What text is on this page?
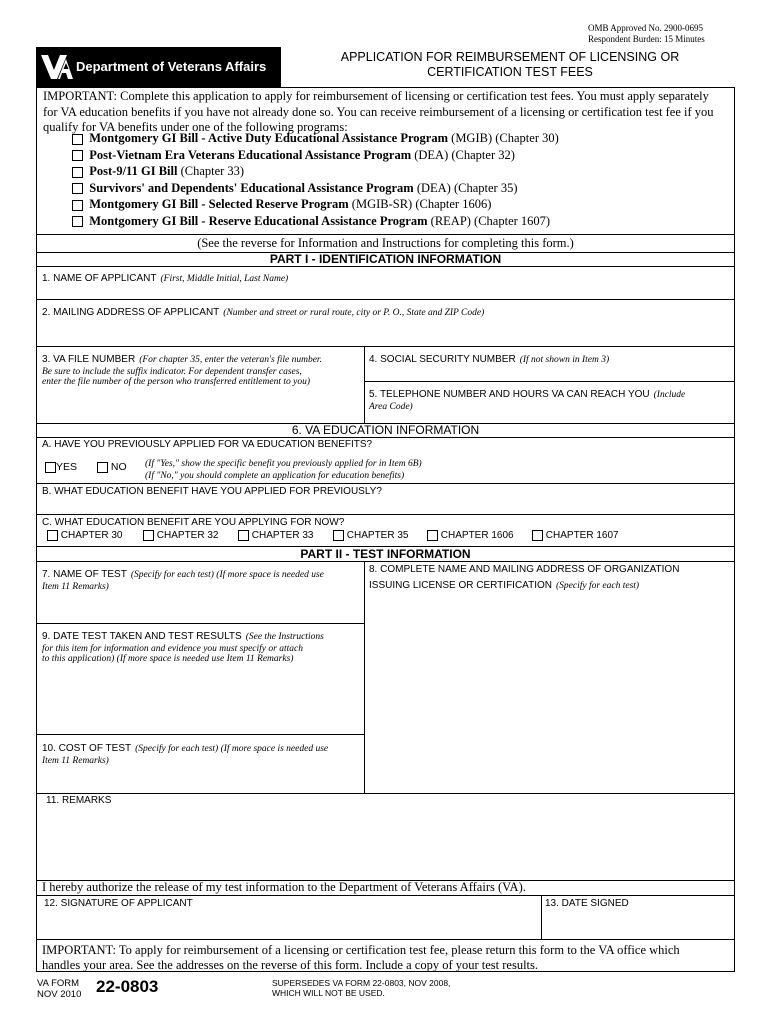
OMB Approved No. 2900-0695
Respondent Burden: 15 Minutes
Department of Veterans Affairs
APPLICATION FOR REIMBURSEMENT OF LICENSING OR
CERTIFICATION TEST FEES
IMPORTANT: Complete this application to apply for reimbursement of licensing or certification test fees. You must apply separately
for VA education benefits if you have not already done so. You can receive reimbursement of a licensing or certification test fee if you
qualify for VA benefits under one of the following programs:
Montgomery GI Bill - Active Duty Educational Assistance Program (MGIB) (Chapter 30)
Post-Vietnam Era Veterans Educational Assistance Program (DEA) (Chapter 32)
Post-9/11 GI Bill (Chapter 33)
Survivors' and Dependents' Educational Assistance Program (DEA) (Chapter 35)
Montgomery GI Bill - Selected Reserve Program (MGIB-SR) (Chapter 1606)
Montgomery GI Bill - Reserve Educational Assistance Program (REAP) (Chapter 1607)
(See the reverse for Information and Instructions for completing this form.)
PART I - IDENTIFICATION INFORMATION
1. NAME OF APPLICANT (First, Middle Initial, Last Name)
2. MAILING ADDRESS OF APPLICANT (Number and street or rural route, city or P. O., State and ZIP Code)
3. VA FILE NUMBER (For chapter 35, enter the veteran's file number.
Be sure to include the suffix indicator. For dependent transfer cases,
enter the file number of the person who transferred entitlement to you)
4. SOCIAL SECURITY NUMBER (If not shown in Item 3)
5. TELEPHONE NUMBER AND HOURS VA CAN REACH YOU (Include
Area Code)
6. VA EDUCATION INFORMATION
A. HAVE YOU PREVIOUSLY APPLIED FOR VA EDUCATION BENEFITS?
YES	NO (If "Yes," show the specific benefit you previously applied for in Item 6B)
(If "No," you should complete an application for education benefits)
B. WHAT EDUCATION BENEFIT HAVE YOU APPLIED FOR PREVIOUSLY?
C. WHAT EDUCATION BENEFIT ARE YOU APPLYING FOR NOW?
CHAPTER 30	CHAPTER 32	CHAPTER 33	CHAPTER 35	CHAPTER 1606	CHAPTER 1607
PART II - TEST INFORMATION
7. NAME OF TEST (Specify for each test) (If more space is needed use
Item 11 Remarks)
8. COMPLETE NAME AND MAILING ADDRESS OF ORGANIZATION
ISSUING LICENSE OR CERTIFICATION (Specify for each test)
9. DATE TEST TAKEN AND TEST RESULTS (See the Instructions
for this item for information and evidence you must specify or attach
to this application) (If more space is needed use Item 11 Remarks)
10. COST OF TEST (Specify for each test) (If more space is needed use
Item 11 Remarks)
11. REMARKS
I hereby authorize the release of my test information to the Department of Veterans Affairs (VA).
12. SIGNATURE OF APPLICANT	13. DATE SIGNED
IMPORTANT: To apply for reimbursement of a licensing or certification test fee, please return this form to the VA office which
handles your area. See the addresses on the reverse of this form. Include a copy of your test results.
VA FORM
NOV 2010 22-0803	SUPERSEDES VA FORM 22-0803, NOV 2008,
WHICH WILL NOT BE USED.
